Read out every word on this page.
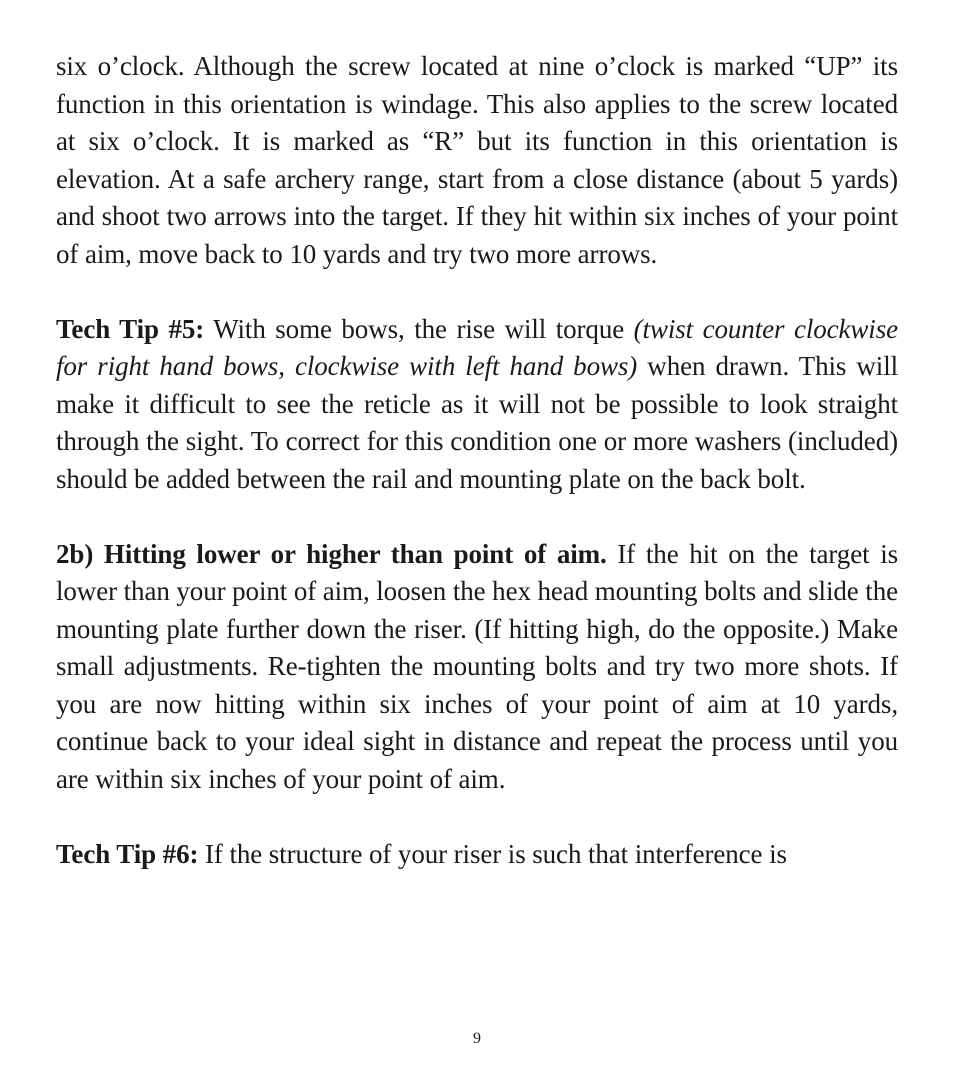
six o’clock. Although the screw located at nine o’clock is marked “UP” its function in this orientation is windage. This also applies to the screw located at six o’clock. It is marked as “R” but its function in this orientation is elevation. At a safe archery range, start from a close distance (about 5 yards) and shoot two arrows into the target. If they hit within six inches of your point of aim, move back to 10 yards and try two more arrows.

Tech Tip #5: With some bows, the rise will torque (twist counter clockwise for right hand bows, clockwise with left hand bows) when drawn. This will make it difficult to see the reticle as it will not be possible to look straight through the sight. To correct for this condition one or more washers (included) should be added between the rail and mounting plate on the back bolt.

2b) Hitting lower or higher than point of aim. If the hit on the target is lower than your point of aim, loosen the hex head mounting bolts and slide the mounting plate further down the riser. (If hitting high, do the opposite.) Make small adjustments. Re-tighten the mounting bolts and try two more shots. If you are now hitting within six inches of your point of aim at 10 yards, continue back to your ideal sight in distance and repeat the process until you are within six inches of your point of aim.

Tech Tip #6: If the structure of your riser is such that interference is

9
